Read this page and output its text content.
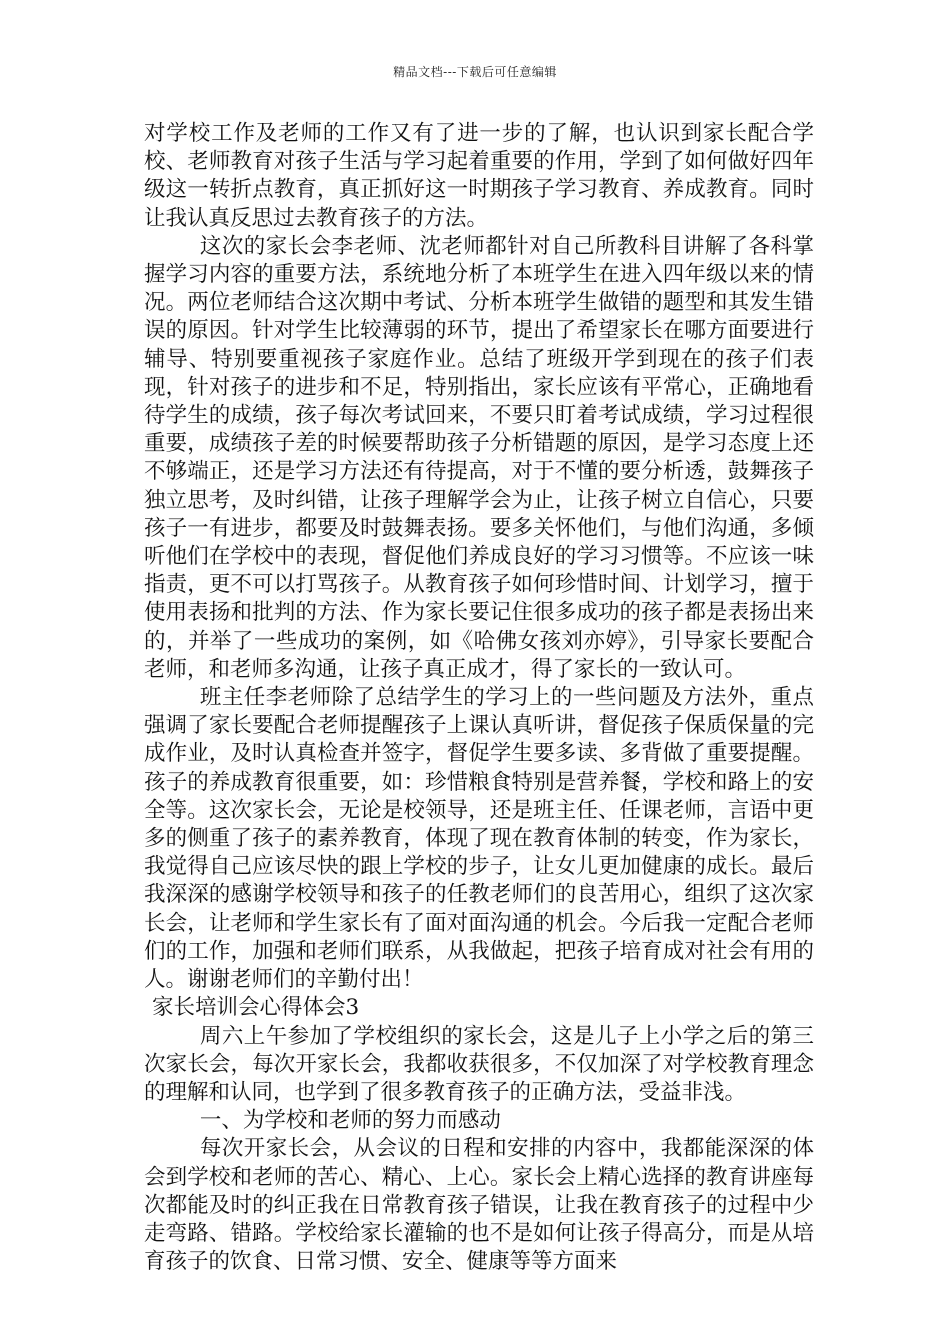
精品文档---下载后可任意编辑

对学校工作及老师的工作又有了进一步的了解，也认识到家长配合学校、老师教育对孩子生活与学习起着重要的作用，学到了如何做好四年级这一转折点教育，真正抓好这一时期孩子学习教育、养成教育。同时让我认真反思过去教育孩子的方法。

这次的家长会李老师、沈老师都针对自己所教科目讲解了各科掌握学习内容的重要方法，系统地分析了本班学生在进入四年级以来的情况。两位老师结合这次期中考试、分析本班学生做错的题型和其发生错误的原因。针对学生比较薄弱的环节，提出了希望家长在哪方面要进行辅导、特别要重视孩子家庭作业。总结了班级开学到现在的孩子们表现，针对孩子的进步和不足，特别指出，家长应该有平常心，正确地看待学生的成绩，孩子每次考试回来，不要只盯着考试成绩，学习过程很重要，成绩孩子差的时候要帮助孩子分析错题的原因，是学习态度上还不够端正，还是学习方法还有待提高，对于不懂的要分析透，鼓舞孩子独立思考，及时纠错，让孩子理解学会为止，让孩子树立自信心，只要孩子一有进步，都要及时鼓舞表扬。要多关怀他们，与他们沟通，多倾听他们在学校中的表现，督促他们养成良好的学习习惯等。不应该一味指责，更不可以打骂孩子。从教育孩子如何珍惜时间、计划学习，擅于使用表扬和批判的方法、作为家长要记住很多成功的孩子都是表扬出来的，并举了一些成功的案例，如《哈佛女孩刘亦婷》，引导家长要配合老师，和老师多沟通，让孩子真正成才，得了家长的一致认可。

班主任李老师除了总结学生的学习上的一些问题及方法外，重点强调了家长要配合老师提醒孩子上课认真听讲，督促孩子保质保量的完成作业，及时认真检查并签字，督促学生要多读、多背做了重要提醒。孩子的养成教育很重要，如：珍惜粮食特别是营养餐，学校和路上的安全等。这次家长会，无论是校领导，还是班主任、任课老师，言语中更多的侧重了孩子的素养教育，体现了现在教育体制的转变，作为家长，我觉得自己应该尽快的跟上学校的步子，让女儿更加健康的成长。最后我深深的感谢学校领导和孩子的任教老师们的良苦用心，组织了这次家长会，让老师和学生家长有了面对面沟通的机会。今后我一定配合老师们的工作，加强和老师们联系，从我做起，把孩子培育成对社会有用的人。谢谢老师们的辛勤付出！

家长培训会心得体会3

周六上午参加了学校组织的家长会，这是儿子上小学之后的第三次家长会，每次开家长会，我都收获很多，不仅加深了对学校教育理念的理解和认同，也学到了很多教育孩子的正确方法，受益非浅。

一、为学校和老师的努力而感动

每次开家长会，从会议的日程和安排的内容中，我都能深深的体会到学校和老师的苦心、精心、上心。家长会上精心选择的教育讲座每次都能及时的纠正我在日常教育孩子错误，让我在教育孩子的过程中少走弯路、错路。学校给家长灌输的也不是如何让孩子得高分，而是从培育孩子的饮食、日常习惯、安全、健康等等方面来
